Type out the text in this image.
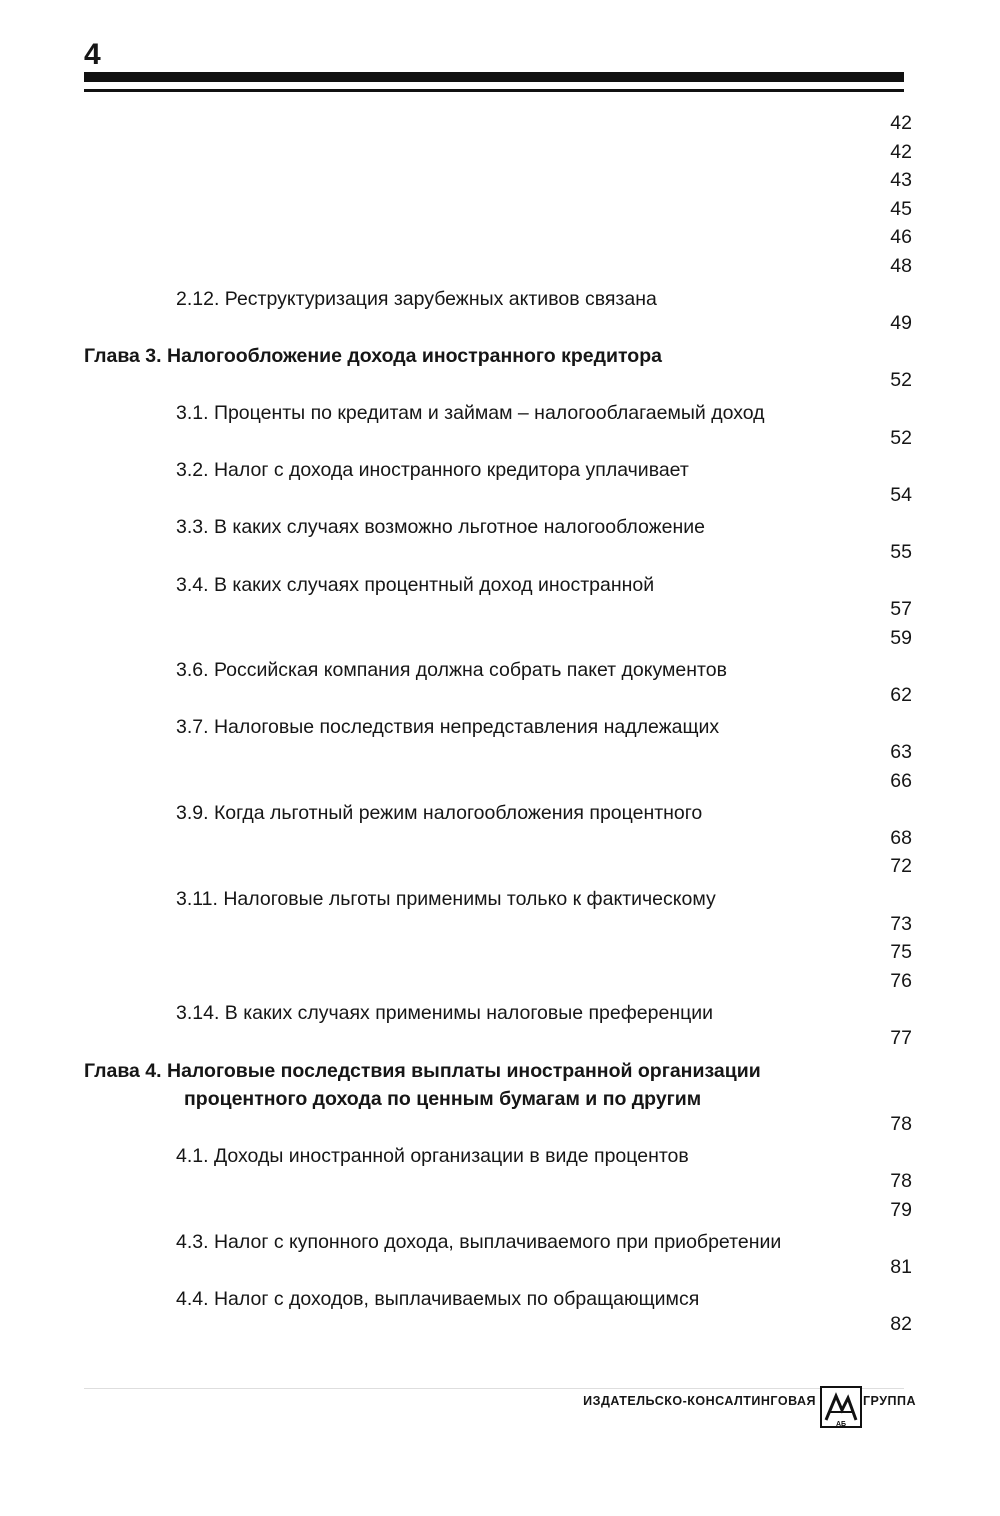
4
42
42
43
45
46
48
2.12. Реструктуризация зарубежных активов связана
49
Глава 3. Налогообложение дохода иностранного кредитора
52
3.1. Проценты по кредитам и займам – налогооблагаемый доход
52
3.2. Налог с дохода иностранного кредитора уплачивает
54
3.3. В каких случаях возможно льготное налогообложение
55
3.4. В каких случаях процентный доход иностранной
57
59
3.6. Российская компания должна собрать пакет документов
62
3.7. Налоговые последствия непредставления надлежащих
63
66
3.9. Когда льготный режим налогообложения процентного
68
72
3.11. Налоговые льготы применимы только к фактическому
73
75
76
3.14. В каких случаях применимы налоговые преференции
77
Глава 4. Налоговые последствия выплаты иностранной организации
процентного дохода по ценным бумагам и по другим
78
4.1. Доходы иностранной организации в виде процентов
78
79
4.3. Налог с купонного дохода, выплачиваемого при приобретении
81
4.4. Налог с доходов, выплачиваемых по обращающимся
82
ИЗДАТЕЛЬСКО-КОНСАЛТИНГОВАЯ
АБ
ГРУППА
